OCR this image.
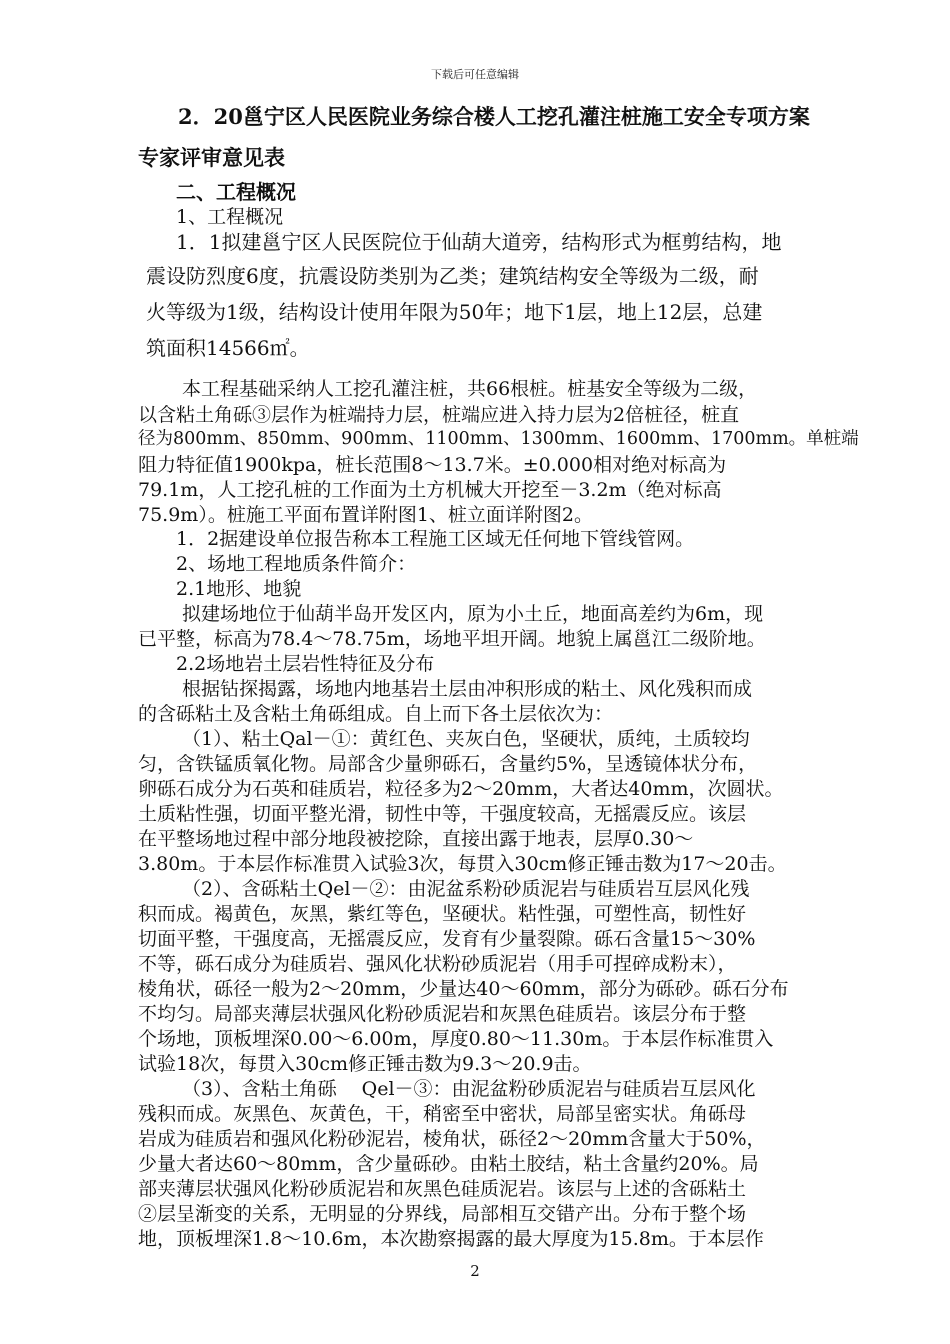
下载后可任意编辑
2．20邕宁区人民医院业务综合楼人工挖孔灌注桩施工安全专项方案
专家评审意见表
二、工程概况
1、工程概况
1．1拟建邕宁区人民医院位于仙葫大道旁，结构形式为框剪结构，地
震设防烈度6度，抗震设防类别为乙类；建筑结构安全等级为二级，耐
火等级为1级，结构设计使用年限为50年；地下1层，地上12层，总建
筑面积14566㎡。
本工程基础采纳人工挖孔灌注桩，共66根桩。桩基安全等级为二级，
以含粘土角砾③层作为桩端持力层，桩端应进入持力层为2倍桩径，桩直
径为800mm、850mm、900mm、1100mm、1300mm、1600mm、1700mm。单桩端
阻力特征值1900kpa，桩长范围8～13.7米。±0.000相对绝对标高为
79.1m，人工挖孔桩的工作面为土方机械大开挖至－3.2m（绝对标高
75.9m）。桩施工平面布置详附图1、桩立面详附图2。
1．2据建设单位报告称本工程施工区域无任何地下管线管网。
2、场地工程地质条件简介：
2.1地形、地貌
拟建场地位于仙葫半岛开发区内，原为小土丘，地面高差约为6m，现
已平整，标高为78.4～78.75m，场地平坦开阔。地貌上属邕江二级阶地。
2.2场地岩土层岩性特征及分布
根据钻探揭露，场地内地基岩土层由冲积形成的粘土、风化残积而成
的含砾粘土及含粘土角砾组成。自上而下各土层依次为：
（1）、粘土Qal－①：黄红色、夹灰白色，坚硬状，质纯，土质较均
匀，含铁锰质氧化物。局部含少量卵砾石，含量约5%，呈透镜体状分布，
卵砾石成分为石英和硅质岩，粒径多为2～20mm，大者达40mm，次圆状。
土质粘性强，切面平整光滑，韧性中等，干强度较高，无摇震反应。该层
在平整场地过程中部分地段被挖除，直接出露于地表，层厚0.30～
3.80m。于本层作标准贯入试验3次，每贯入30cm修正锤击数为17～20击。
（2）、含砾粘土Qel－②：由泥盆系粉砂质泥岩与硅质岩互层风化残
积而成。褐黄色，灰黑，紫红等色，坚硬状。粘性强，可塑性高，韧性好
切面平整，干强度高，无摇震反应，发育有少量裂隙。砾石含量15～30%
不等，砾石成分为硅质岩、强风化状粉砂质泥岩（用手可捏碎成粉末），
棱角状，砾径一般为2～20mm，少量达40～60mm，部分为砾砂。砾石分布
不均匀。局部夹薄层状强风化粉砂质泥岩和灰黑色硅质岩。该层分布于整
个场地，顶板埋深0.00～6.00m，厚度0.80～11.30m。于本层作标准贯入
试验18次，每贯入30cm修正锤击数为9.3～20.9击。
（3）、含粘土角砾　 Qel－③：由泥盆粉砂质泥岩与硅质岩互层风化
残积而成。灰黑色、灰黄色，干，稍密至中密状，局部呈密实状。角砾母
岩成为硅质岩和强风化粉砂泥岩，棱角状，砾径2～20mm含量大于50%，
少量大者达60～80mm，含少量砾砂。由粘土胶结，粘土含量约20%。局
部夹薄层状强风化粉砂质泥岩和灰黑色硅质泥岩。该层与上述的含砾粘土
②层呈渐变的关系，无明显的分界线，局部相互交错产出。分布于整个场
地，顶板埋深1.8～10.6m，本次勘察揭露的最大厚度为15.8m。于本层作
2
